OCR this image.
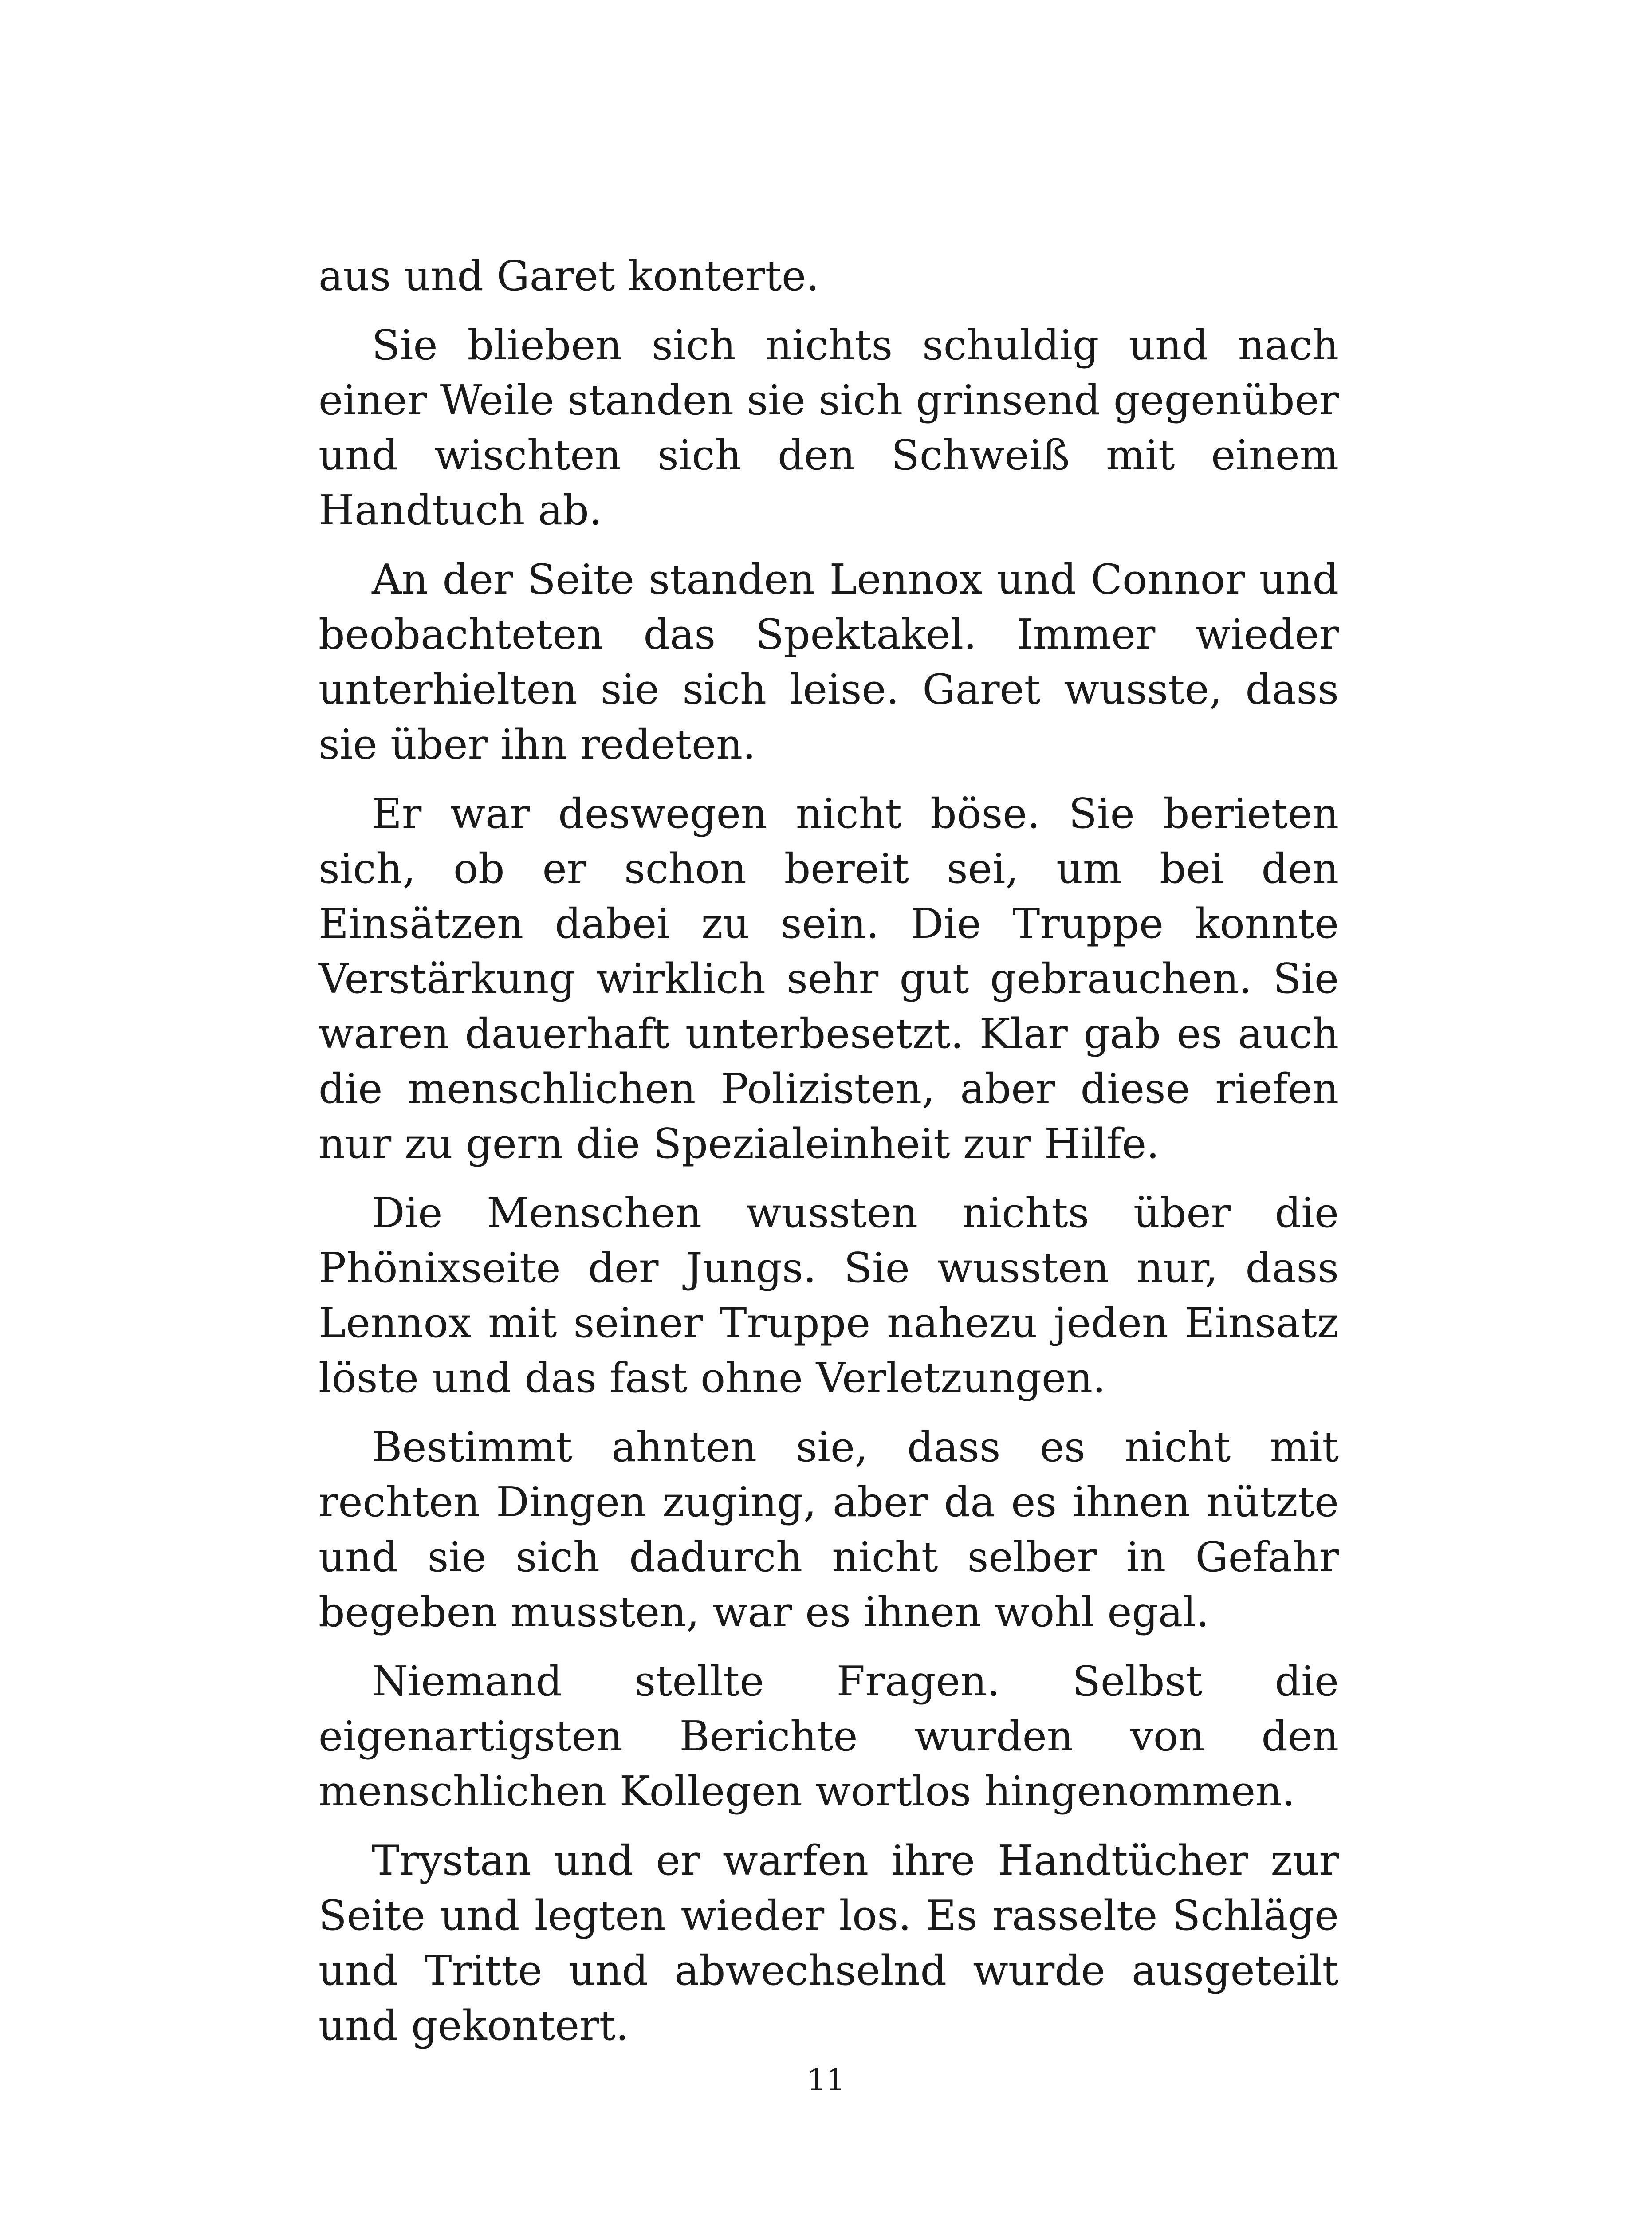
aus und Garet konterte.

Sie blieben sich nichts schuldig und nach einer Weile standen sie sich grinsend gegenüber und wischten sich den Schweiß mit einem Handtuch ab.

An der Seite standen Lennox und Connor und beobachteten das Spektakel. Immer wieder unterhielten sie sich leise. Garet wusste, dass sie über ihn redeten.

Er war deswegen nicht böse. Sie berieten sich, ob er schon bereit sei, um bei den Einsätzen dabei zu sein. Die Truppe konnte Verstärkung wirklich sehr gut gebrauchen. Sie waren dauerhaft unterbesetzt. Klar gab es auch die menschlichen Polizisten, aber diese riefen nur zu gern die Spezialeinheit zur Hilfe.

Die Menschen wussten nichts über die Phönixseite der Jungs. Sie wussten nur, dass Lennox mit seiner Truppe nahezu jeden Einsatz löste und das fast ohne Verletzungen.

Bestimmt ahnten sie, dass es nicht mit rechten Dingen zuging, aber da es ihnen nützte und sie sich dadurch nicht selber in Gefahr begeben mussten, war es ihnen wohl egal.

Niemand stellte Fragen. Selbst die eigenartigsten Berichte wurden von den menschlichen Kollegen wortlos hingenommen.

Trystan und er warfen ihre Handtücher zur Seite und legten wieder los. Es rasselte Schläge und Tritte und abwechselnd wurde ausgeteilt und gekontert.

11
